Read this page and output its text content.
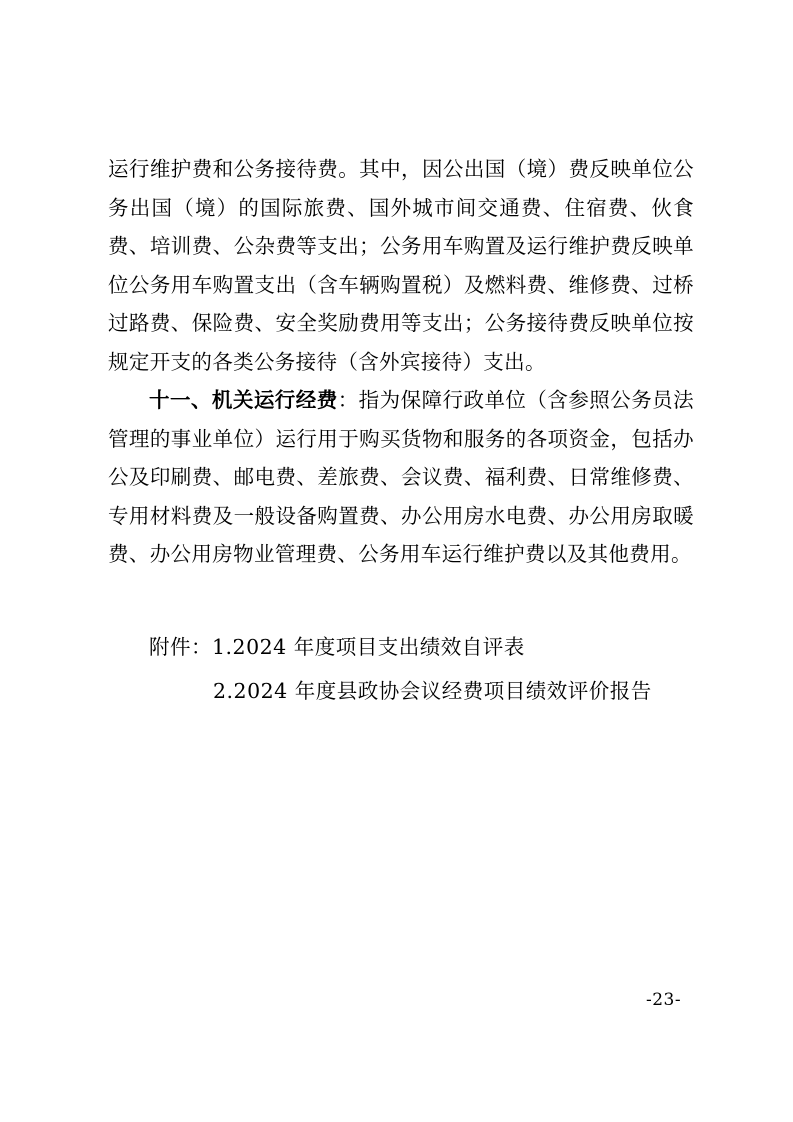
运行维护费和公务接待费。其中，因公出国（境）费反映单位公务出国（境）的国际旅费、国外城市间交通费、住宿费、伙食费、培训费、公杂费等支出；公务用车购置及运行维护费反映单位公务用车购置支出（含车辆购置税）及燃料费、维修费、过桥过路费、保险费、安全奖励费用等支出；公务接待费反映单位按规定开支的各类公务接待（含外宾接待）支出。

十一、机关运行经费：指为保障行政单位（含参照公务员法管理的事业单位）运行用于购买货物和服务的各项资金，包括办公及印刷费、邮电费、差旅费、会议费、福利费、日常维修费、专用材料费及一般设备购置费、办公用房水电费、办公用房取暖费、办公用房物业管理费、公务用车运行维护费以及其他费用。

附件：1.2024 年度项目支出绩效自评表
2.2024 年度县政协会议经费项目绩效评价报告
-23-
